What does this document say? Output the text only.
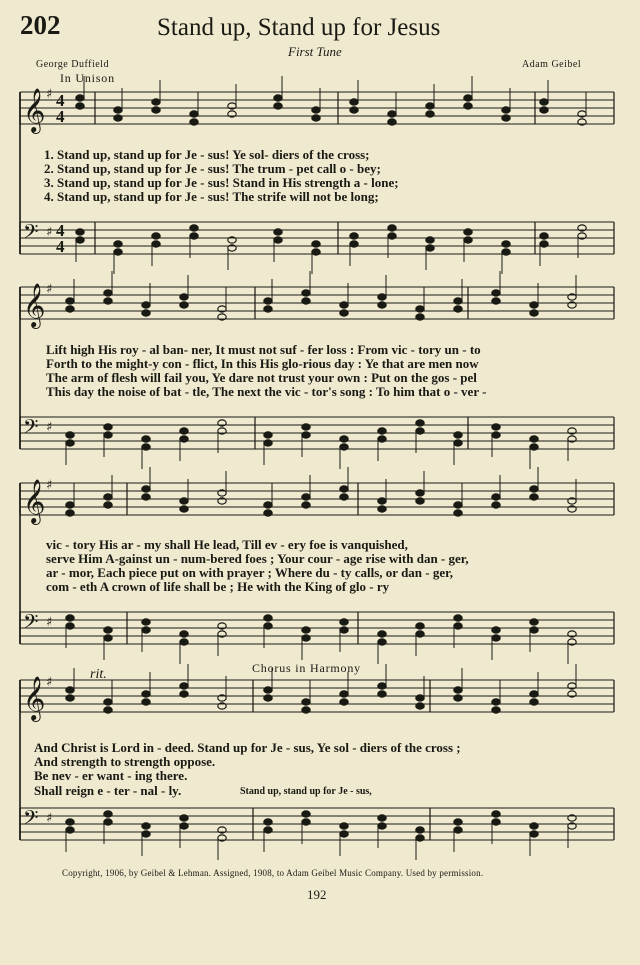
202	Stand up, Stand up for Jesus
First Tune
George Duffield	Adam Geibel
In Unison
𝄞 ♯ 4
4
𝄢 ♯ 4
4
𝄞 ♯
𝄢 ♯
𝄞 ♯
𝄢 ♯
𝄞 ♯
𝄢 ♯
1. Stand up, stand up for Je - sus! Ye sol- diers of the cross;
2. Stand up, stand up for Je - sus! The trum - pet call o - bey;
3. Stand up, stand up for Je - sus! Stand in His strength a - lone;
4. Stand up, stand up for Je - sus! The strife will not be long;
Lift high His roy - al ban- ner, It must not suf - fer loss : From vic - tory un - to
Forth to the might-y con - flict, In this His glo-rious day : Ye that are men now
The arm of flesh will fail you, Ye dare not trust your own : Put on the gos - pel
This day the noise of bat - tle, The next the vic - tor's song : To him that o - ver -
vic - tory His ar - my shall He lead, Till ev - ery foe is vanquished,
serve Him A-gainst un - num-bered foes ; Your cour - age rise with dan - ger,
ar - mor, Each piece put on with prayer ; Where du - ty calls, or dan - ger,
com - eth A crown of life shall be ; He with the King of glo - ry
rit.	Chorus in Harmony
And Christ is Lord in - deed. Stand up for Je - sus, Ye sol - diers of the cross ;
And strength to strength oppose.
Be nev - er want - ing there.
Shall reign e - ter - nal - ly.	Stand up, stand up for Je - sus,
Copyright, 1906, by Geibel & Lehman. Assigned, 1908, to Adam Geibel Music Company. Used by permission.
192
